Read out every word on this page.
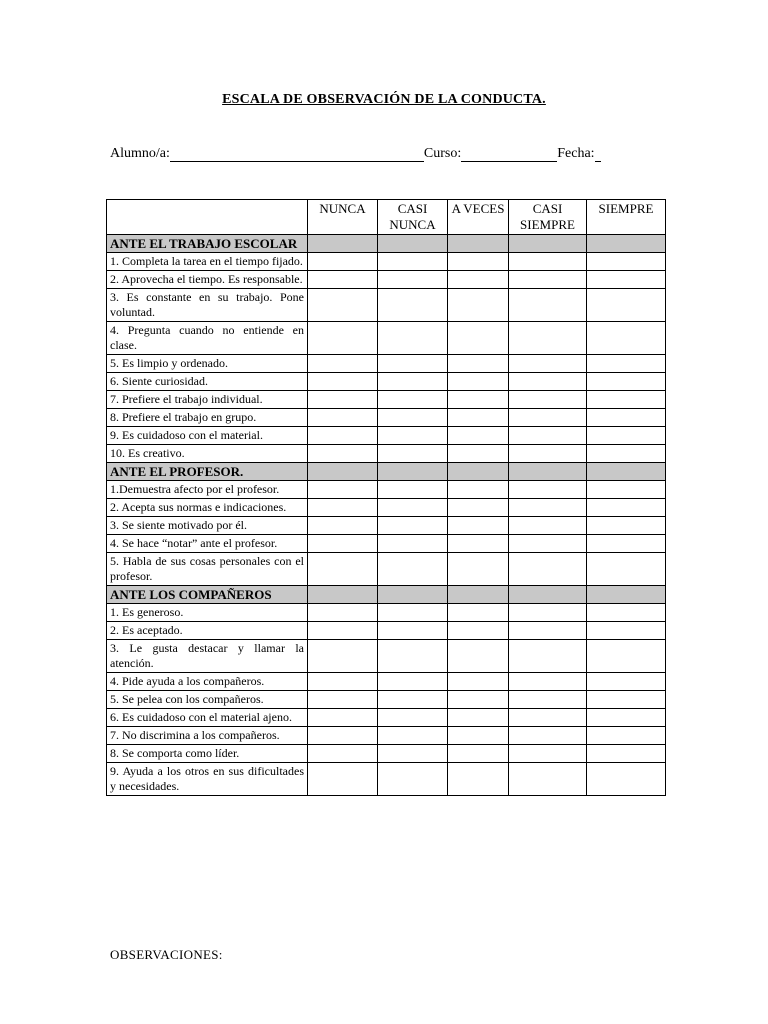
ESCALA DE OBSERVACIÓN DE LA CONDUCTA.
Alumno/a:	Curso:	Fecha:
	NUNCA	CASI NUNCA	A VECES	CASI SIEMPRE	SIEMPRE
ANTE EL TRABAJO ESCOLAR					
1. Completa la tarea en el tiempo fijado.					
2. Aprovecha el tiempo. Es responsable.					
3. Es constante en su trabajo. Pone voluntad.					
4. Pregunta cuando no entiende en clase.					
5. Es limpio y ordenado.					
6. Siente curiosidad.					
7. Prefiere el trabajo individual.					
8. Prefiere el trabajo en grupo.					
9. Es cuidadoso con el material.					
10. Es creativo.					
ANTE EL PROFESOR.					
1.Demuestra afecto por el profesor.					
2. Acepta sus normas e indicaciones.					
3. Se siente motivado por él.					
4. Se hace “notar” ante el profesor.					
5. Habla de sus cosas personales con el profesor.					
ANTE LOS COMPAÑEROS					
1. Es generoso.					
2. Es aceptado.					
3. Le gusta destacar y llamar la atención.					
4. Pide ayuda a los compañeros.					
5. Se pelea con los compañeros.					
6. Es cuidadoso con el material ajeno.					
7. No discrimina a los compañeros.					
8. Se comporta como líder.					
9. Ayuda a los otros en sus dificultades y necesidades.					
OBSERVACIONES:
